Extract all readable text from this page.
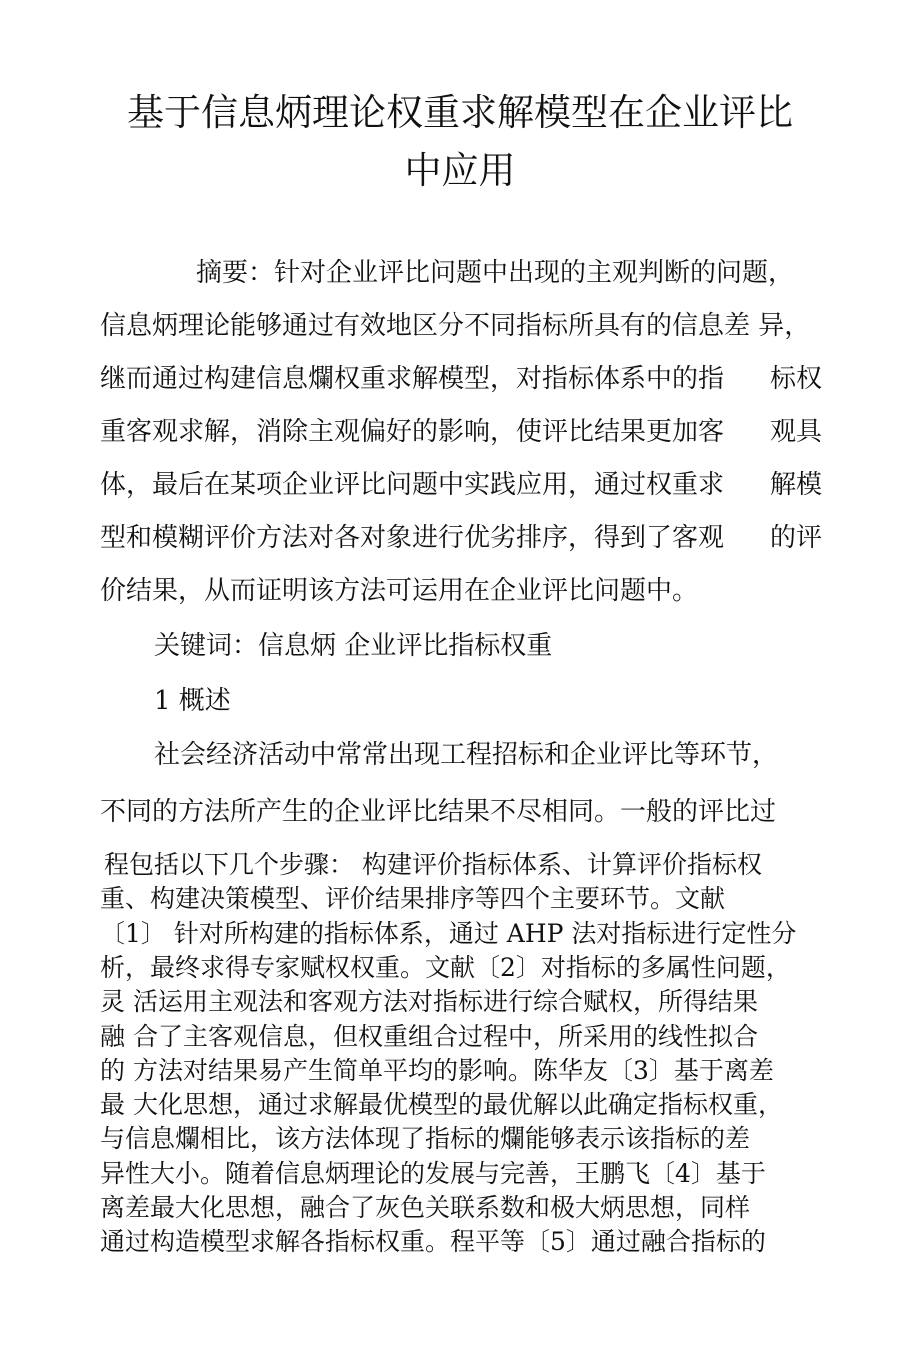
基于信息炳理论权重求解模型在企业评比
中应用

摘要：针对企业评比问题中出现的主观判断的问题，

信息炳理论能够通过有效地区分不同指标所具有的信息差 异，

继而通过构建信息爛权重求解模型，对指标体系中的指 标权
重客观求解，消除主观偏好的影响，使评比结果更加客 观具
体，最后在某项企业评比问题中实践应用，通过权重求 解模
型和模糊评价方法对各对象进行优劣排序，得到了客观 的评

价结果，从而证明该方法可运用在企业评比问题中。

关键词：信息炳 企业评比指标权重

1 概述

社会经济活动中常常出现工程招标和企业评比等环节，

不同的方法所产生的企业评比结果不尽相同。一般的评比过

程包括以下几个步骤： 构建评价指标体系、计算评价指标权

重、构建决策模型、评价结果排序等四个主要环节。文献

〔1〕 针对所构建的指标体系，通过 AHP 法对指标进行定性分

析，最终求得专家赋权权重。文献〔2〕对指标的多属性问题，

灵 活运用主观法和客观方法对指标进行综合赋权，所得结果

融 合了主客观信息，但权重组合过程中，所采用的线性拟合

的 方法对结果易产生简单平均的影响。陈华友〔3〕基于离差

最 大化思想，通过求解最优模型的最优解以此确定指标权重，

与信息爛相比，该方法体现了指标的爛能够表示该指标的差

异性大小。随着信息炳理论的发展与完善，王鹏飞〔4〕基于

离差最大化思想，融合了灰色关联系数和极大炳思想，同样

通过构造模型求解各指标权重。程平等〔5〕通过融合指标的
